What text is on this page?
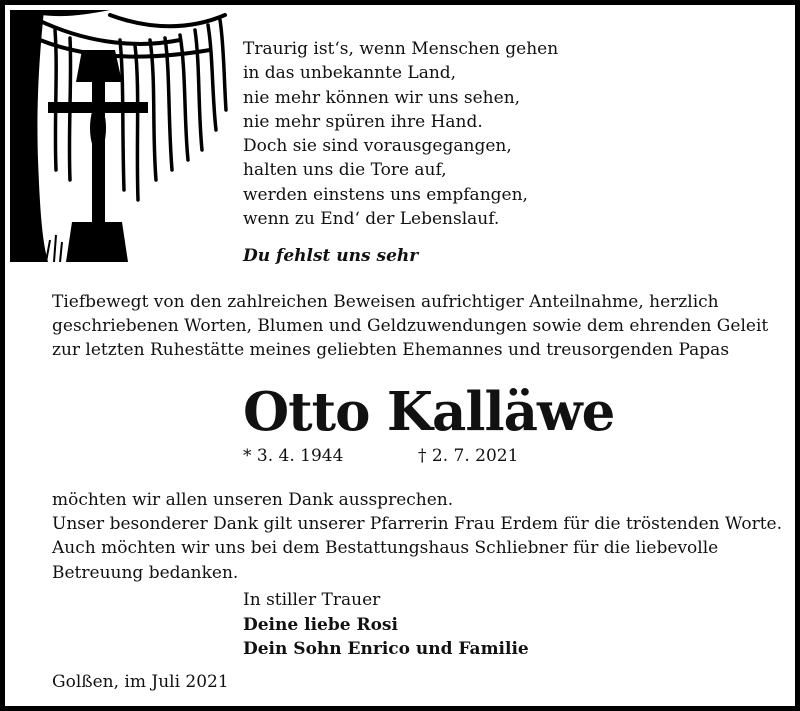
Traurig ist‘s, wenn Menschen gehen
in das unbekannte Land,
nie mehr können wir uns sehen,
nie mehr spüren ihre Hand.
Doch sie sind vorausgegangen,
halten uns die Tore auf,
werden einstens uns empfangen,
wenn zu End‘ der Lebenslauf.
Du fehlst uns sehr
Tiefbewegt von den zahlreichen Beweisen aufrichtiger Anteilnahme, herzlich
geschriebenen Worten, Blumen und Geldzuwendungen sowie dem ehrenden Geleit
zur letzten Ruhestätte meines geliebten Ehemannes und treusorgenden Papas
Otto Kalläwe
* 3. 4. 1944	† 2. 7. 2021
möchten wir allen unseren Dank aussprechen.
Unser besonderer Dank gilt unserer Pfarrerin Frau Erdem für die tröstenden Worte.
Auch möchten wir uns bei dem Bestattungshaus Schliebner für die liebevolle
Betreuung bedanken.
In stiller Trauer
Deine liebe Rosi
Dein Sohn Enrico und Familie
Golßen, im Juli 2021
